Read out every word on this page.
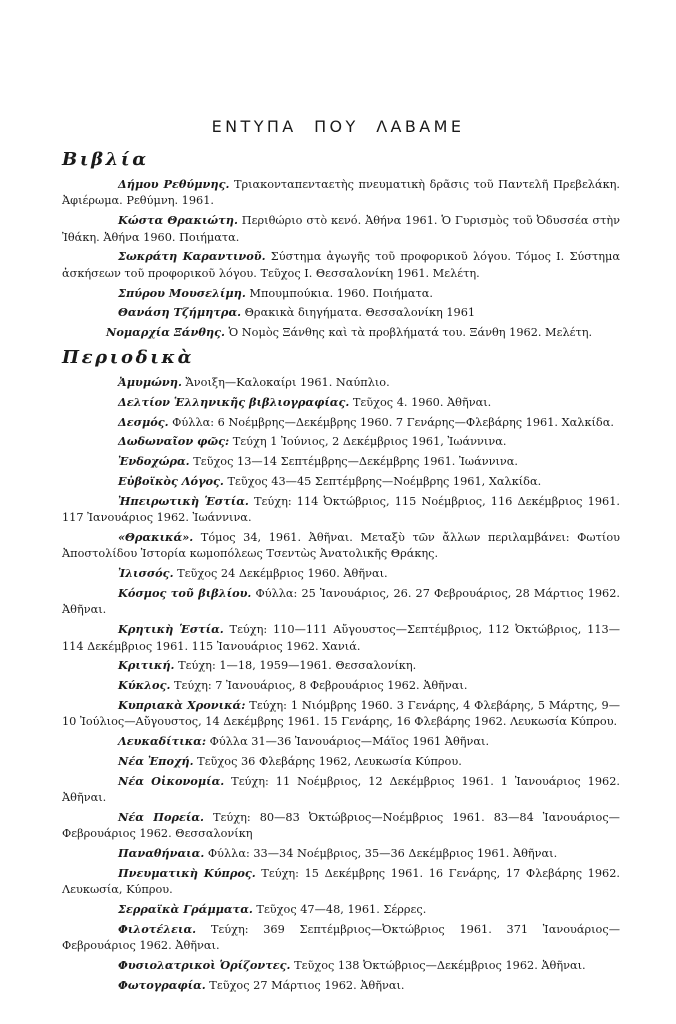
ΕΝΤΥΠΑ ΠΟΥ ΛΑΒΑΜΕ
Βιβλία

Δήμου Ρεθύμνης. Τριακονταπενταετὴς πνευματικὴ δρᾶσις τοῦ Παντελῆ Πρεβελάκη. Ἀφιέρωμα. Ρεθύμνη. 1961.

Κώστα Θρακιώτη. Περιθώριο στὸ κενό. Ἀθήνα 1961. Ὁ Γυρισμὸς τοῦ Ὀδυσσέα στὴν Ἰθάκη. Ἀθήνα 1960. Ποιήματα.

Σωκράτη Καραντινοῦ. Σύστημα ἀγωγῆς τοῦ προφορικοῦ λόγου. Τόμος Ι. Σύστημα ἀσκήσεων τοῦ προφορικοῦ λόγου. Τεῦχος Ι. Θεσσαλονίκη 1961. Μελέτη.

Σπύρου Μουσελίμη. Μπουμπούκια. 1960. Ποιήματα.

Θανάση Τζήμητρα. Θρακικὰ διηγήματα. Θεσσαλονίκη 1961

Νομαρχία Ξάνθης. Ὁ Νομὸς Ξάνθης καὶ τὰ προβλήματά του. Ξάνθη 1962. Μελέτη.

Περιοδικὰ

Ἀμυμώνη. Ἄνοιξη—Καλοκαίρι 1961. Ναύπλιο.

Δελτίον Ἑλληνικῆς βιβλιογραφίας. Τεῦχος 4. 1960. Ἀθῆναι.

Δεσμός. Φύλλα: 6 Νοέμβρης—Δεκέμβρης 1960. 7 Γενάρης—Φλεβάρης 1961. Χαλκίδα.

Δωδωναῖον φῶς: Τεύχη 1 Ἰούνιος, 2 Δεκέμβριος 1961, Ἰωάννινα.

Ἐνδοχώρα. Τεῦχος 13—14 Σεπτέμβρης—Δεκέμβρης 1961. Ἰωάννινα.

Εὐβοϊκὸς Λόγος. Τεῦχος 43—45 Σεπτέμβρης—Νοέμβρης 1961, Χαλκίδα.

Ἠπειρωτικὴ Ἑστία. Τεύχη: 114 Ὀκτώβριος, 115 Νοέμβριος, 116 Δεκέμβριος 1961. 117 Ἰανουάριος 1962. Ἰωάννινα.

«Θρακικά». Τόμος 34, 1961. Ἀθῆναι. Μεταξὺ τῶν ἄλλων περιλαμβάνει: Φωτίου Ἀποστολίδου Ἱστορία κωμοπόλεως Τσεντὼς Ἀνατολικῆς Θράκης.

Ἰλισσός. Τεῦχος 24 Δεκέμβριος 1960. Ἀθῆναι.

Κόσμος τοῦ βιβλίου. Φύλλα: 25 Ἰανουάριος, 26. 27 Φεβρουάριος, 28 Μάρτιος 1962. Ἀθῆναι.

Κρητικὴ Ἑστία. Τεύχη: 110—111 Αὔγουστος—Σεπτέμβριος, 112 Ὀκτώβριος, 113—114 Δεκέμβριος 1961. 115 Ἰανουάριος 1962. Χανιά.

Κριτική. Τεύχη: 1—18, 1959—1961. Θεσσαλονίκη.

Κύκλος. Τεύχη: 7 Ἰανουάριος, 8 Φεβρουάριος 1962. Ἀθῆναι.

Κυπριακὰ Χρονικά: Τεύχη: 1 Νιόμβρης 1960. 3 Γενάρης, 4 Φλεβάρης, 5 Μάρτης, 9—10 Ἰούλιος—Αὔγουστος, 14 Δεκέμβρης 1961. 15 Γενάρης, 16 Φλεβάρης 1962. Λευκωσία Κύπρου.

Λευκαδίτικα: Φύλλα 31—36 Ἰανουάριος—Μάϊος 1961 Ἀθῆναι.

Νέα Ἐποχή. Τεῦχος 36 Φλεβάρης 1962, Λευκωσία Κύπρου.

Νέα Οἰκονομία. Τεύχη: 11 Νοέμβριος, 12 Δεκέμβριος 1961. 1 Ἰανουάριος 1962. Ἀθῆναι.

Νέα Πορεία. Τεύχη: 80—83 Ὀκτώβριος—Νοέμβριος 1961. 83—84 Ἰανουάριος—Φεβρουάριος 1962. Θεσσαλονίκη

Παναθήναια. Φύλλα: 33—34 Νοέμβριος, 35—36 Δεκέμβριος 1961. Ἀθῆναι.

Πνευματικὴ Κύπρος. Τεύχη: 15 Δεκέμβρης 1961. 16 Γενάρης, 17 Φλεβάρης 1962. Λευκωσία, Κύπρου.

Σερραϊκὰ Γράμματα. Τεῦχος 47—48, 1961. Σέρρες.

Φιλοτέλεια. Τεύχη: 369 Σεπτέμβριος—Ὀκτώβριος 1961. 371 Ἰανουάριος—Φεβρουάριος 1962. Ἀθῆναι.

Φυσιολατρικοὶ Ὁρίζοντες. Τεῦχος 138 Ὀκτώβριος—Δεκέμβριος 1962. Ἀθῆναι.

Φωτογραφία. Τεῦχος 27 Μάρτιος 1962. Ἀθῆναι.
